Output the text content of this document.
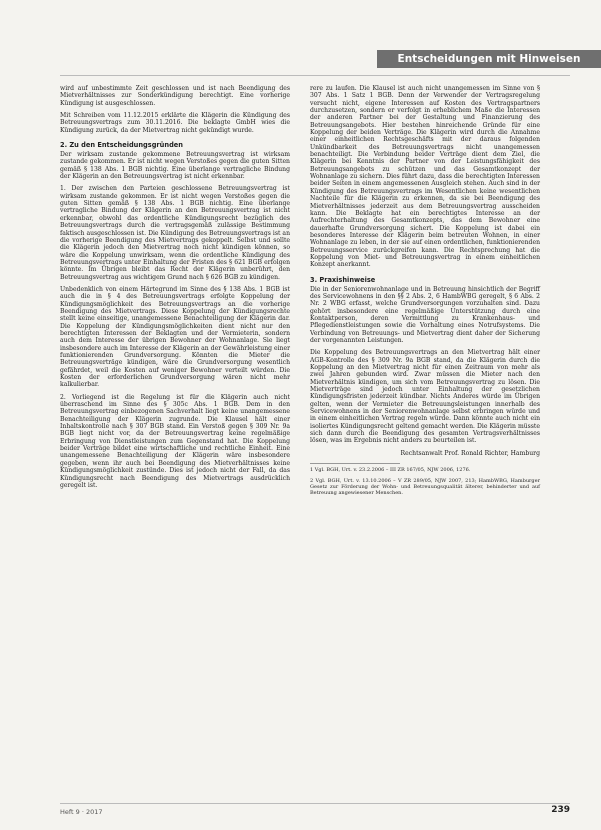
Entscheidungen mit Hinweisen

wird auf unbestimmte Zeit geschlossen und ist nach Beendigung des Mietverhältnisses zur Sonderkündigung berechtigt. Eine vorherige Kündigung ist ausgeschlossen.

Mit Schreiben vom 11.12.2015 erklärte die Klägerin die Kündigung des Betreuungsvertrags zum 30.11.2016. Die beklagte GmbH wies die Kündigung zurück, da der Mietvertrag nicht gekündigt wurde.

2. Zu den Entscheidungsgründen

Der wirksam zustande gekommene Betreuungsvertrag ist wirksam zustande gekommen. Er ist nicht wegen Verstoßes gegen die guten Sitten gemäß § 138 Abs. 1 BGB nichtig. Eine überlange vertragliche Bindung der Klägerin an den Betreuungsvertrag ist nicht erkennbar.

1. Der zwischen den Parteien geschlossene Betreuungsvertrag ist wirksam zustande gekommen. Er ist nicht wegen Verstoßes gegen die guten Sitten gemäß § 138 Abs. 1 BGB nichtig. Eine überlange vertragliche Bindung der Klägerin an den Betreuungsvertrag ist nicht erkennbar, obwohl das ordentliche Kündigungsrecht bezüglich des Betreuungsvertrags durch die vertragsgemäß zulässige Bestimmung faktisch ausgeschlossen ist. Die Kündigung des Betreuungsvertrags ist an die vorherige Beendigung des Mietvertrags gekoppelt. Selbst und sollte die Klägerin jedoch den Mietvertrag noch nicht kündigen können, so wäre die Koppelung unwirksam, wenn die ordentliche Kündigung des Betreuungsvertrags unter Einhaltung der Fristen des § 621 BGB erfolgen könnte. Im Übrigen bleibt das Recht der Klägerin unberührt, den Betreuungsvertrag aus wichtigem Grund nach § 626 BGB zu kündigen.

Unbedenklich von einem Härtegrund im Sinne des § 138 Abs. 1 BGB ist auch die in § 4 des Betreuungsvertrags erfolgte Koppelung der Kündigungsmöglichkeit des Betreuungsvertrags an die vorherige Beendigung des Mietvertrags. Diese Koppelung der Kündigungsrechte stellt keine einseitige, unangemessene Benachteiligung der Klägerin dar. Die Koppelung der Kündigungsmöglichkeiten dient nicht nur den berechtigten Interessen der Beklagten und der Vermieterin, sondern auch dem Interesse der übrigen Bewohner der Wohnanlage. Sie liegt insbesondere auch im Interesse der Klägerin an der Gewährleistung einer funktionierenden Grundversorgung. Könnten die Mieter die Betreuungsverträge kündigen, wäre die Grundversorgung wesentlich gefährdet, weil die Kosten auf weniger Bewohner verteilt würden. Die Kosten der erforderlichen Grundversorgung wären nicht mehr kalkulierbar.

2. Vorliegend ist die Regelung ist für die Klägerin auch nicht überraschend im Sinne des § 305c Abs. 1 BGB. Dem in den Betreuungsvertrag einbezogenen Sachverhalt liegt keine unangemessene Benachteiligung der Klägerin zugrunde. Die Klausel hält einer Inhaltskontrolle nach § 307 BGB stand. Ein Verstoß gegen § 309 Nr. 9a BGB liegt nicht vor, da der Betreuungsvertrag keine regelmäßige Erbringung von Dienstleistungen zum Gegenstand hat. Die Koppelung beider Verträge bildet eine wirtschaftliche und rechtliche Einheit. Eine unangemessene Benachteiligung der Klägerin wäre insbesondere gegeben, wenn ihr auch bei Beendigung des Mietverhältnisses keine Kündigungsmöglichkeit zustünde. Dies ist jedoch nicht der Fall, da das Kündigungsrecht nach Beendigung des Mietvertrags ausdrücklich geregelt ist.

rere zu laufen. Die Klausel ist auch nicht unangemessen im Sinne von § 307 Abs. 1 Satz 1 BGB. Denn der Verwender der Vertragsregelung versucht nicht, eigene Interessen auf Kosten des Vertragspartners durchzusetzen, sondern er verfolgt in erheblichem Maße die Interessen der anderen Partner bei der Gestaltung und Finanzierung des Betreuungsangebots. Hier bestehen hinreichende Gründe für eine Koppelung der beiden Verträge. Die Klägerin wird durch die Annahme einer einheitlichen Rechtsgeschäfts mit der daraus folgenden Unkündbarkeit des Betreuungsvertrags nicht unangemessen benachteiligt. Die Verbindung beider Verträge dient dem Ziel, die Klägerin bei Kenntnis der Partner von der Leistungsfähigkeit des Betreuungsangebots zu schützen und das Gesamtkonzept der Wohnanlage zu sichern. Dies führt dazu, dass die berechtigten Interessen beider Seiten in einem angemessenen Ausgleich stehen. Auch sind in der Kündigung des Betreuungsvertrags im Wesentlichen keine wesentlichen Nachteile für die Klägerin zu erkennen, da sie bei Beendigung des Mietverhältnisses jederzeit aus dem Betreuungsvertrag ausscheiden kann. Die Beklagte hat ein berechtigtes Interesse an der Aufrechterhaltung des Gesamtkonzepts, das dem Bewohner eine dauerhafte Grundversorgung sichert. Die Koppelung ist dabei ein besonderes Interesse der Klägerin beim betreuten Wohnen, in einer Wohnanlage zu leben, in der sie auf einen ordentlichen, funktionierenden Betreuungsservice zurückgreifen kann. Die Rechtsprechung hat die Koppelung von Miet- und Betreuungsvertrag in einem einheitlichen Konzept anerkannt.

3. Praxishinweise

Die in der Seniorenwohnanlage und in Betreuung hinsichtlich der Begriff des Servicewohnens in den §§ 2 Abs. 2, 6 HambWBG geregelt, § 6 Abs. 2 Nr. 2 WBG erfasst, welche Grundversorgungen vorzuhalten sind. Dazu gehört insbesondere eine regelmäßige Unterstützung durch eine Kontaktperson, deren Vermittlung zu Krankenhaus- und Pflegedienstleistungen sowie die Vorhaltung eines Notrufsystems. Die Verbindung von Betreuungs- und Mietvertrag dient daher der Sicherung der vorgenannten Leistungen.

Die Koppelung des Betreuungsvertrags an den Mietvertrag hält einer AGB-Kontrolle des § 309 Nr. 9a BGB stand, da die Klägerin durch die Koppelung an den Mietvertrag nicht für einen Zeitraum von mehr als zwei Jahren gebunden wird. Zwar müssen die Mieter nach den Mietverhältnis kündigen, um sich vom Betreuungsvertrag zu lösen. Die Mietverträge sind jedoch unter Einhaltung der gesetzlichen Kündigungsfristen jederzeit kündbar. Nichts Anderes würde im Übrigen gelten, wenn der Vermieter die Betreuungsleistungen innerhalb des Servicewohnens in der Seniorenwohnanlage selbst erbringen würde und in einem einheitlichen Vertrag regeln würde. Dann könnte auch nicht ein isoliertes Kündigungsrecht geltend gemacht werden. Die Klägerin müsste sich dann durch die Beendigung des gesamten Vertragsverhältnisses lösen, was im Ergebnis nicht anders zu beurteilen ist.

Rechtsanwalt Prof. Ronald Richter, Hamburg

1 Vgl. BGH, Urt. v. 23.2.2006 – III ZR 167/05, NJW 2006, 1276.

2 Vgl. BGH, Urt. v. 13.10.2006 – V ZR 289/05, NJW 2007, 213; HambWBG, Hamburger Gesetz zur Förderung der Wohn- und Betreuungsqualität älterer, behinderter und auf Betreuung angewiesener Menschen.

Heft 9 · 2017	239
